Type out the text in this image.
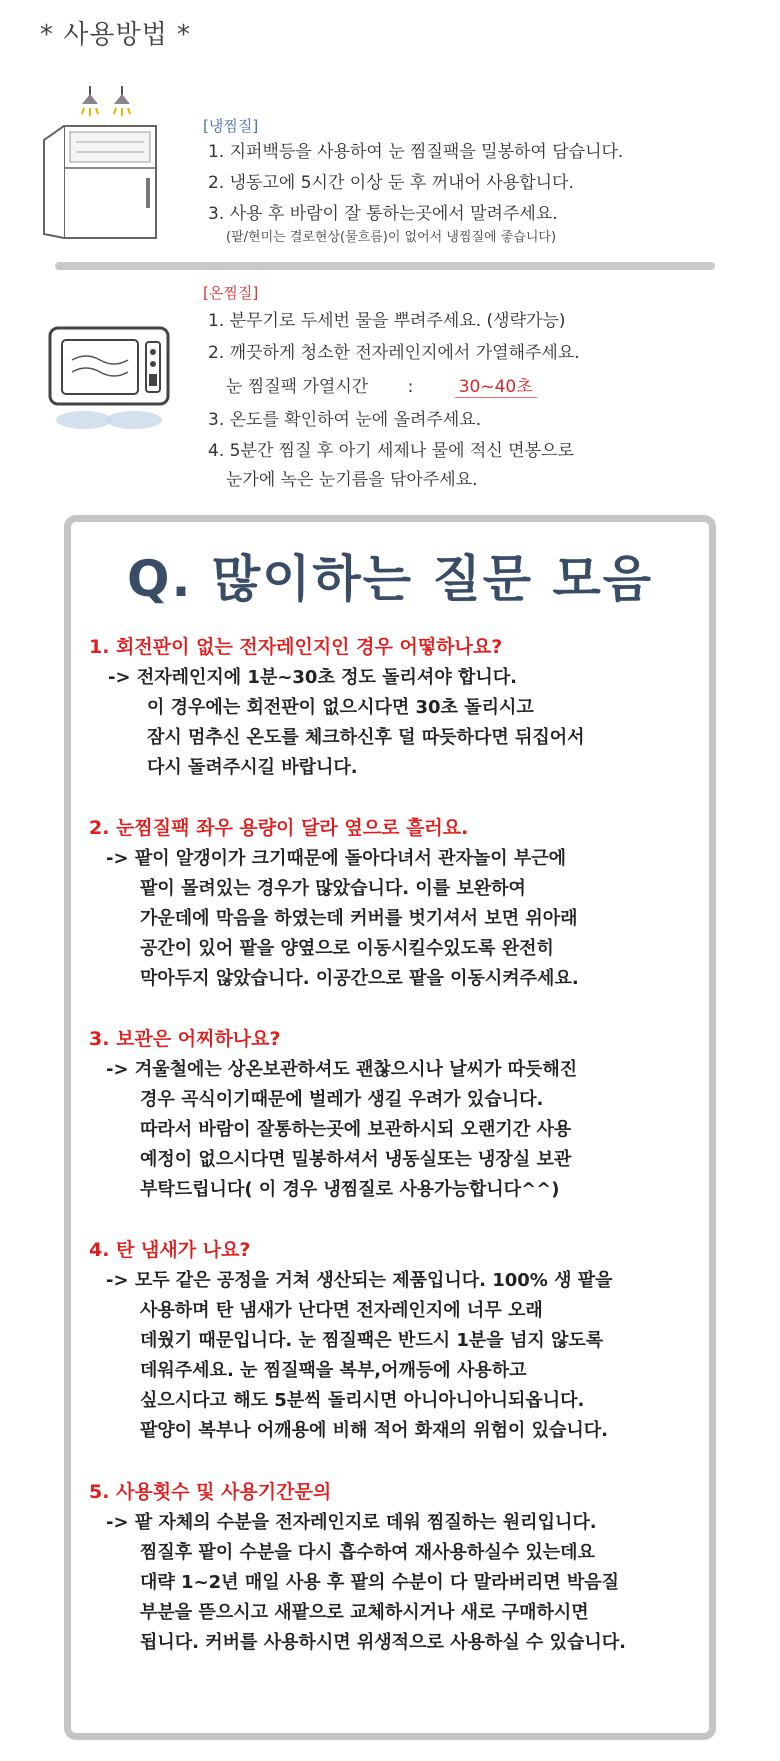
* 사용방법 *
[냉찜질]
1. 지퍼백등을 사용하여 눈 찜질팩을 밀봉하여 담습니다.
2. 냉동고에 5시간 이상 둔 후 꺼내어 사용합니다.
3. 사용 후 바람이 잘 통하는곳에서 말려주세요.
(팥/현미는 결로현상(물흐름)이 없어서 냉찜질에 좋습니다)
[온찜질]
1. 분무기로 두세번 물을 뿌려주세요. (생략가능)
2. 깨끗하게 청소한 전자레인지에서 가열해주세요.
눈 찜질팩 가열시간 :	30~40초
3. 온도를 확인하여 눈에 올려주세요.
4. 5분간 찜질 후 아기 세제나 물에 적신 면봉으로
눈가에 녹은 눈기름을 닦아주세요.
Q. 많이하는 질문 모음
1. 회전판이 없는 전자레인지인 경우 어떻하나요?
-> 전자레인지에 1분~30초 정도 돌리셔야 합니다.
이 경우에는 회전판이 없으시다면 30초 돌리시고
잠시 멈추신 온도를 체크하신후 덜 따듯하다면 뒤집어서
다시 돌려주시길 바랍니다.
2. 눈찜질팩 좌우 용량이 달라 옆으로 흘러요.
-> 팥이 알갱이가 크기때문에 돌아다녀서 관자놀이 부근에
팥이 몰려있는 경우가 많았습니다. 이를 보완하여
가운데에 막음을 하였는데 커버를 벗기셔서 보면 위아래
공간이 있어 팥을 양옆으로 이동시킬수있도록 완전히
막아두지 않았습니다. 이공간으로 팥을 이동시켜주세요.
3. 보관은 어찌하나요?
-> 겨울철에는 상온보관하셔도 괜찮으시나 날씨가 따듯해진
경우 곡식이기때문에 벌레가 생길 우려가 있습니다.
따라서 바람이 잘통하는곳에 보관하시되 오랜기간 사용
예정이 없으시다면 밀봉하셔서 냉동실또는 냉장실 보관
부탁드립니다( 이 경우 냉찜질로 사용가능합니다^^)
4. 탄 냄새가 나요?
-> 모두 같은 공정을 거쳐 생산되는 제품입니다. 100% 생 팥을
사용하며 탄 냄새가 난다면 전자레인지에 너무 오래
데웠기 때문입니다. 눈 찜질팩은 반드시 1분을 넘지 않도록
데워주세요. 눈 찜질팩을 복부,어깨등에 사용하고
싶으시다고 해도 5분씩 돌리시면 아니아니아니되옵니다.
팥양이 복부나 어깨용에 비해 적어 화재의 위험이 있습니다.
5. 사용횟수 및 사용기간문의
-> 팥 자체의 수분을 전자레인지로 데워 찜질하는 원리입니다.
찜질후 팥이 수분을 다시 흡수하여 재사용하실수 있는데요
대략 1~2년 매일 사용 후 팥의 수분이 다 말라버리면 박음질
부분을 뜯으시고 새팥으로 교체하시거나 새로 구매하시면
됩니다. 커버를 사용하시면 위생적으로 사용하실 수 있습니다.
